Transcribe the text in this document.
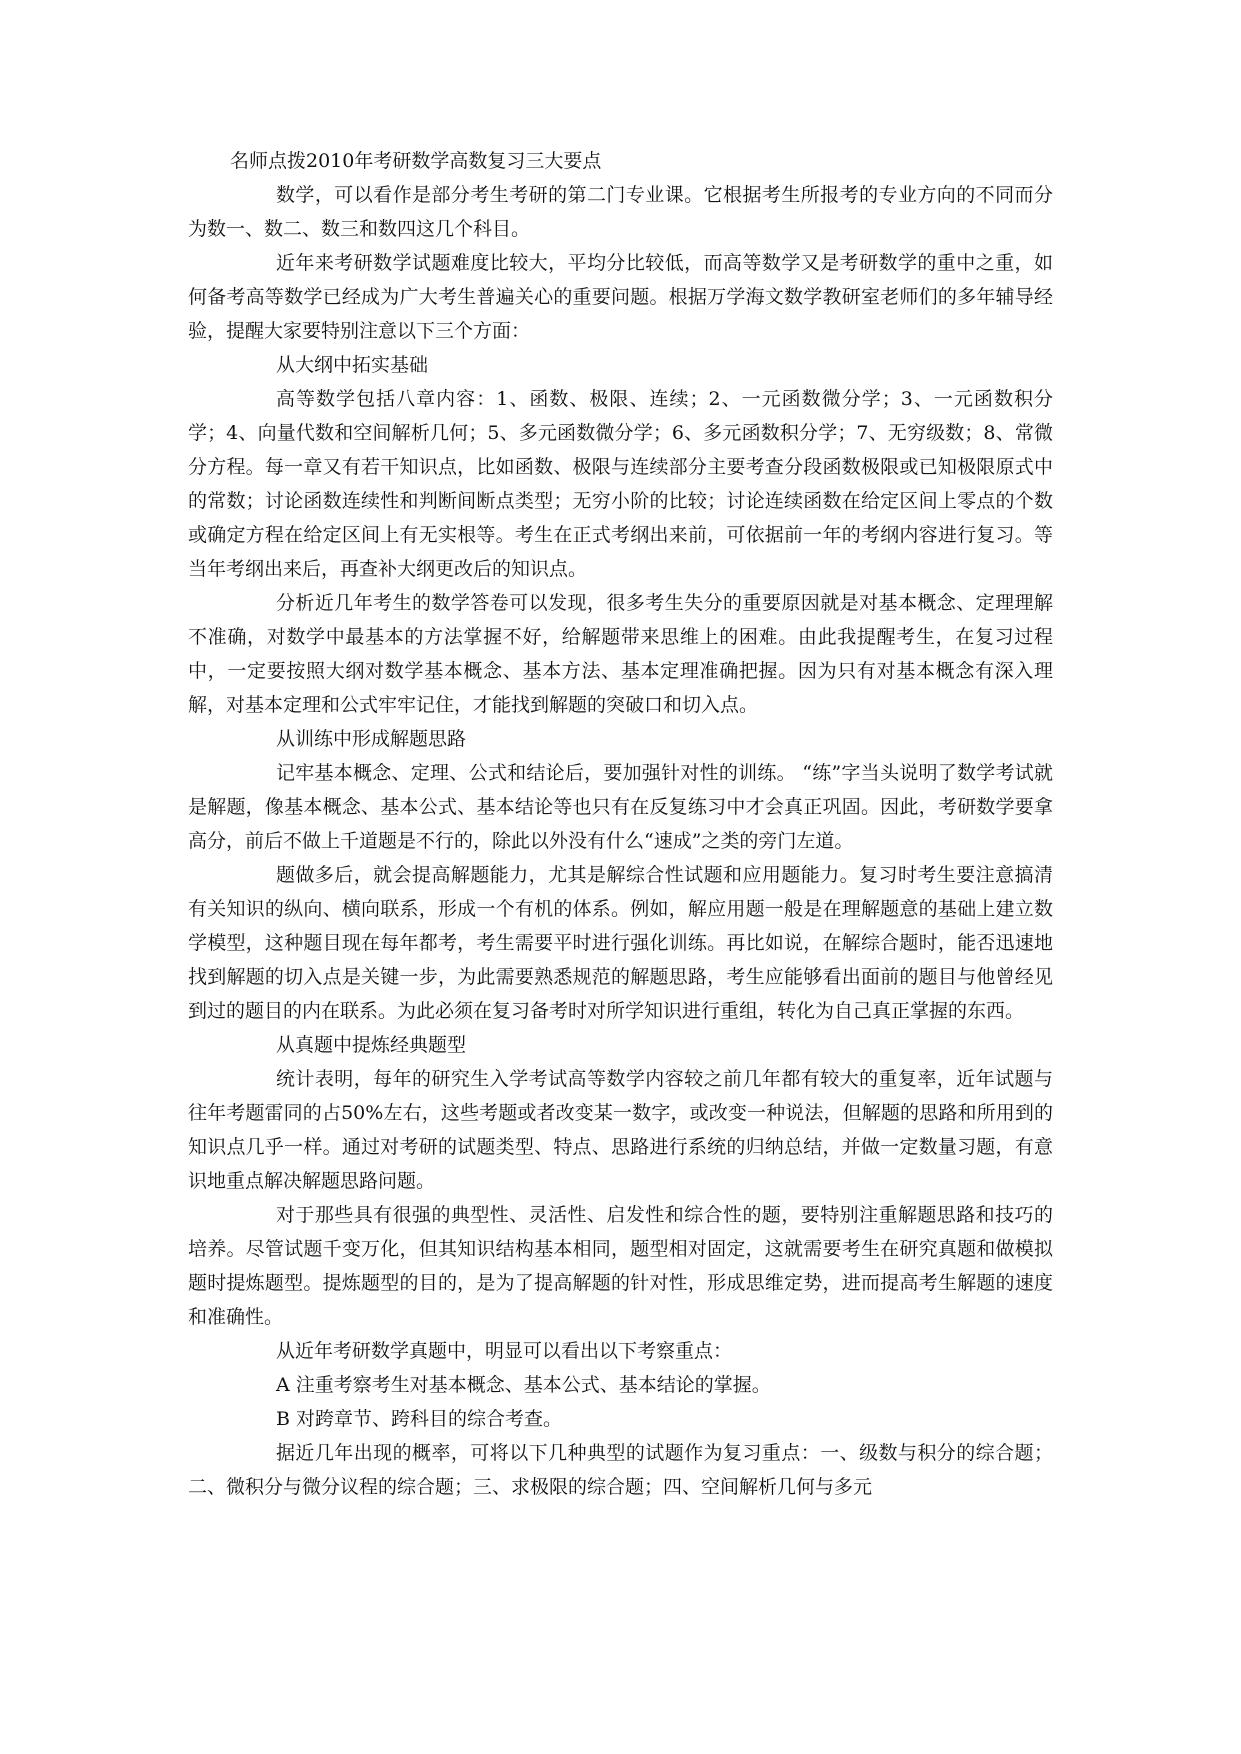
名师点拨2010年考研数学高数复习三大要点

数学，可以看作是部分考生考研的第二门专业课。它根据考生所报考的专业方向的不同而分为数一、数二、数三和数四这几个科目。

近年来考研数学试题难度比较大，平均分比较低，而高等数学又是考研数学的重中之重，如何备考高等数学已经成为广大考生普遍关心的重要问题。根据万学海文数学教研室老师们的多年辅导经验，提醒大家要特别注意以下三个方面：

从大纲中拓实基础

高等数学包括八章内容：1、函数、极限、连续；2、一元函数微分学；3、一元函数积分学；4、向量代数和空间解析几何；5、多元函数微分学；6、多元函数积分学；7、无穷级数；8、常微分方程。每一章又有若干知识点，比如函数、极限与连续部分主要考查分段函数极限或已知极限原式中的常数；讨论函数连续性和判断间断点类型；无穷小阶的比较；讨论连续函数在给定区间上零点的个数或确定方程在给定区间上有无实根等。考生在正式考纲出来前，可依据前一年的考纲内容进行复习。等当年考纲出来后，再查补大纲更改后的知识点。

分析近几年考生的数学答卷可以发现，很多考生失分的重要原因就是对基本概念、定理理解不准确，对数学中最基本的方法掌握不好，给解题带来思维上的困难。由此我提醒考生，在复习过程中，一定要按照大纲对数学基本概念、基本方法、基本定理准确把握。因为只有对基本概念有深入理解，对基本定理和公式牢牢记住，才能找到解题的突破口和切入点。

从训练中形成解题思路

记牢基本概念、定理、公式和结论后，要加强针对性的训练。 “练”字当头说明了数学考试就是解题，像基本概念、基本公式、基本结论等也只有在反复练习中才会真正巩固。因此，考研数学要拿高分，前后不做上千道题是不行的，除此以外没有什么“速成”之类的旁门左道。

题做多后，就会提高解题能力，尤其是解综合性试题和应用题能力。复习时考生要注意搞清有关知识的纵向、横向联系，形成一个有机的体系。例如，解应用题一般是在理解题意的基础上建立数学模型，这种题目现在每年都考，考生需要平时进行强化训练。再比如说，在解综合题时，能否迅速地找到解题的切入点是关键一步，为此需要熟悉规范的解题思路，考生应能够看出面前的题目与他曾经见到过的题目的内在联系。为此必须在复习备考时对所学知识进行重组，转化为自己真正掌握的东西。

从真题中提炼经典题型

统计表明，每年的研究生入学考试高等数学内容较之前几年都有较大的重复率，近年试题与往年考题雷同的占50%左右，这些考题或者改变某一数字，或改变一种说法，但解题的思路和所用到的知识点几乎一样。通过对考研的试题类型、特点、思路进行系统的归纳总结，并做一定数量习题，有意识地重点解决解题思路问题。

对于那些具有很强的典型性、灵活性、启发性和综合性的题，要特别注重解题思路和技巧的培养。尽管试题千变万化，但其知识结构基本相同，题型相对固定，这就需要考生在研究真题和做模拟题时提炼题型。提炼题型的目的，是为了提高解题的针对性，形成思维定势，进而提高考生解题的速度和准确性。

从近年考研数学真题中，明显可以看出以下考察重点：

A 注重考察考生对基本概念、基本公式、基本结论的掌握。

B 对跨章节、跨科目的综合考查。

据近几年出现的概率，可将以下几种典型的试题作为复习重点：一、级数与积分的综合题；二、微积分与微分议程的综合题；三、求极限的综合题；四、空间解析几何与多元
